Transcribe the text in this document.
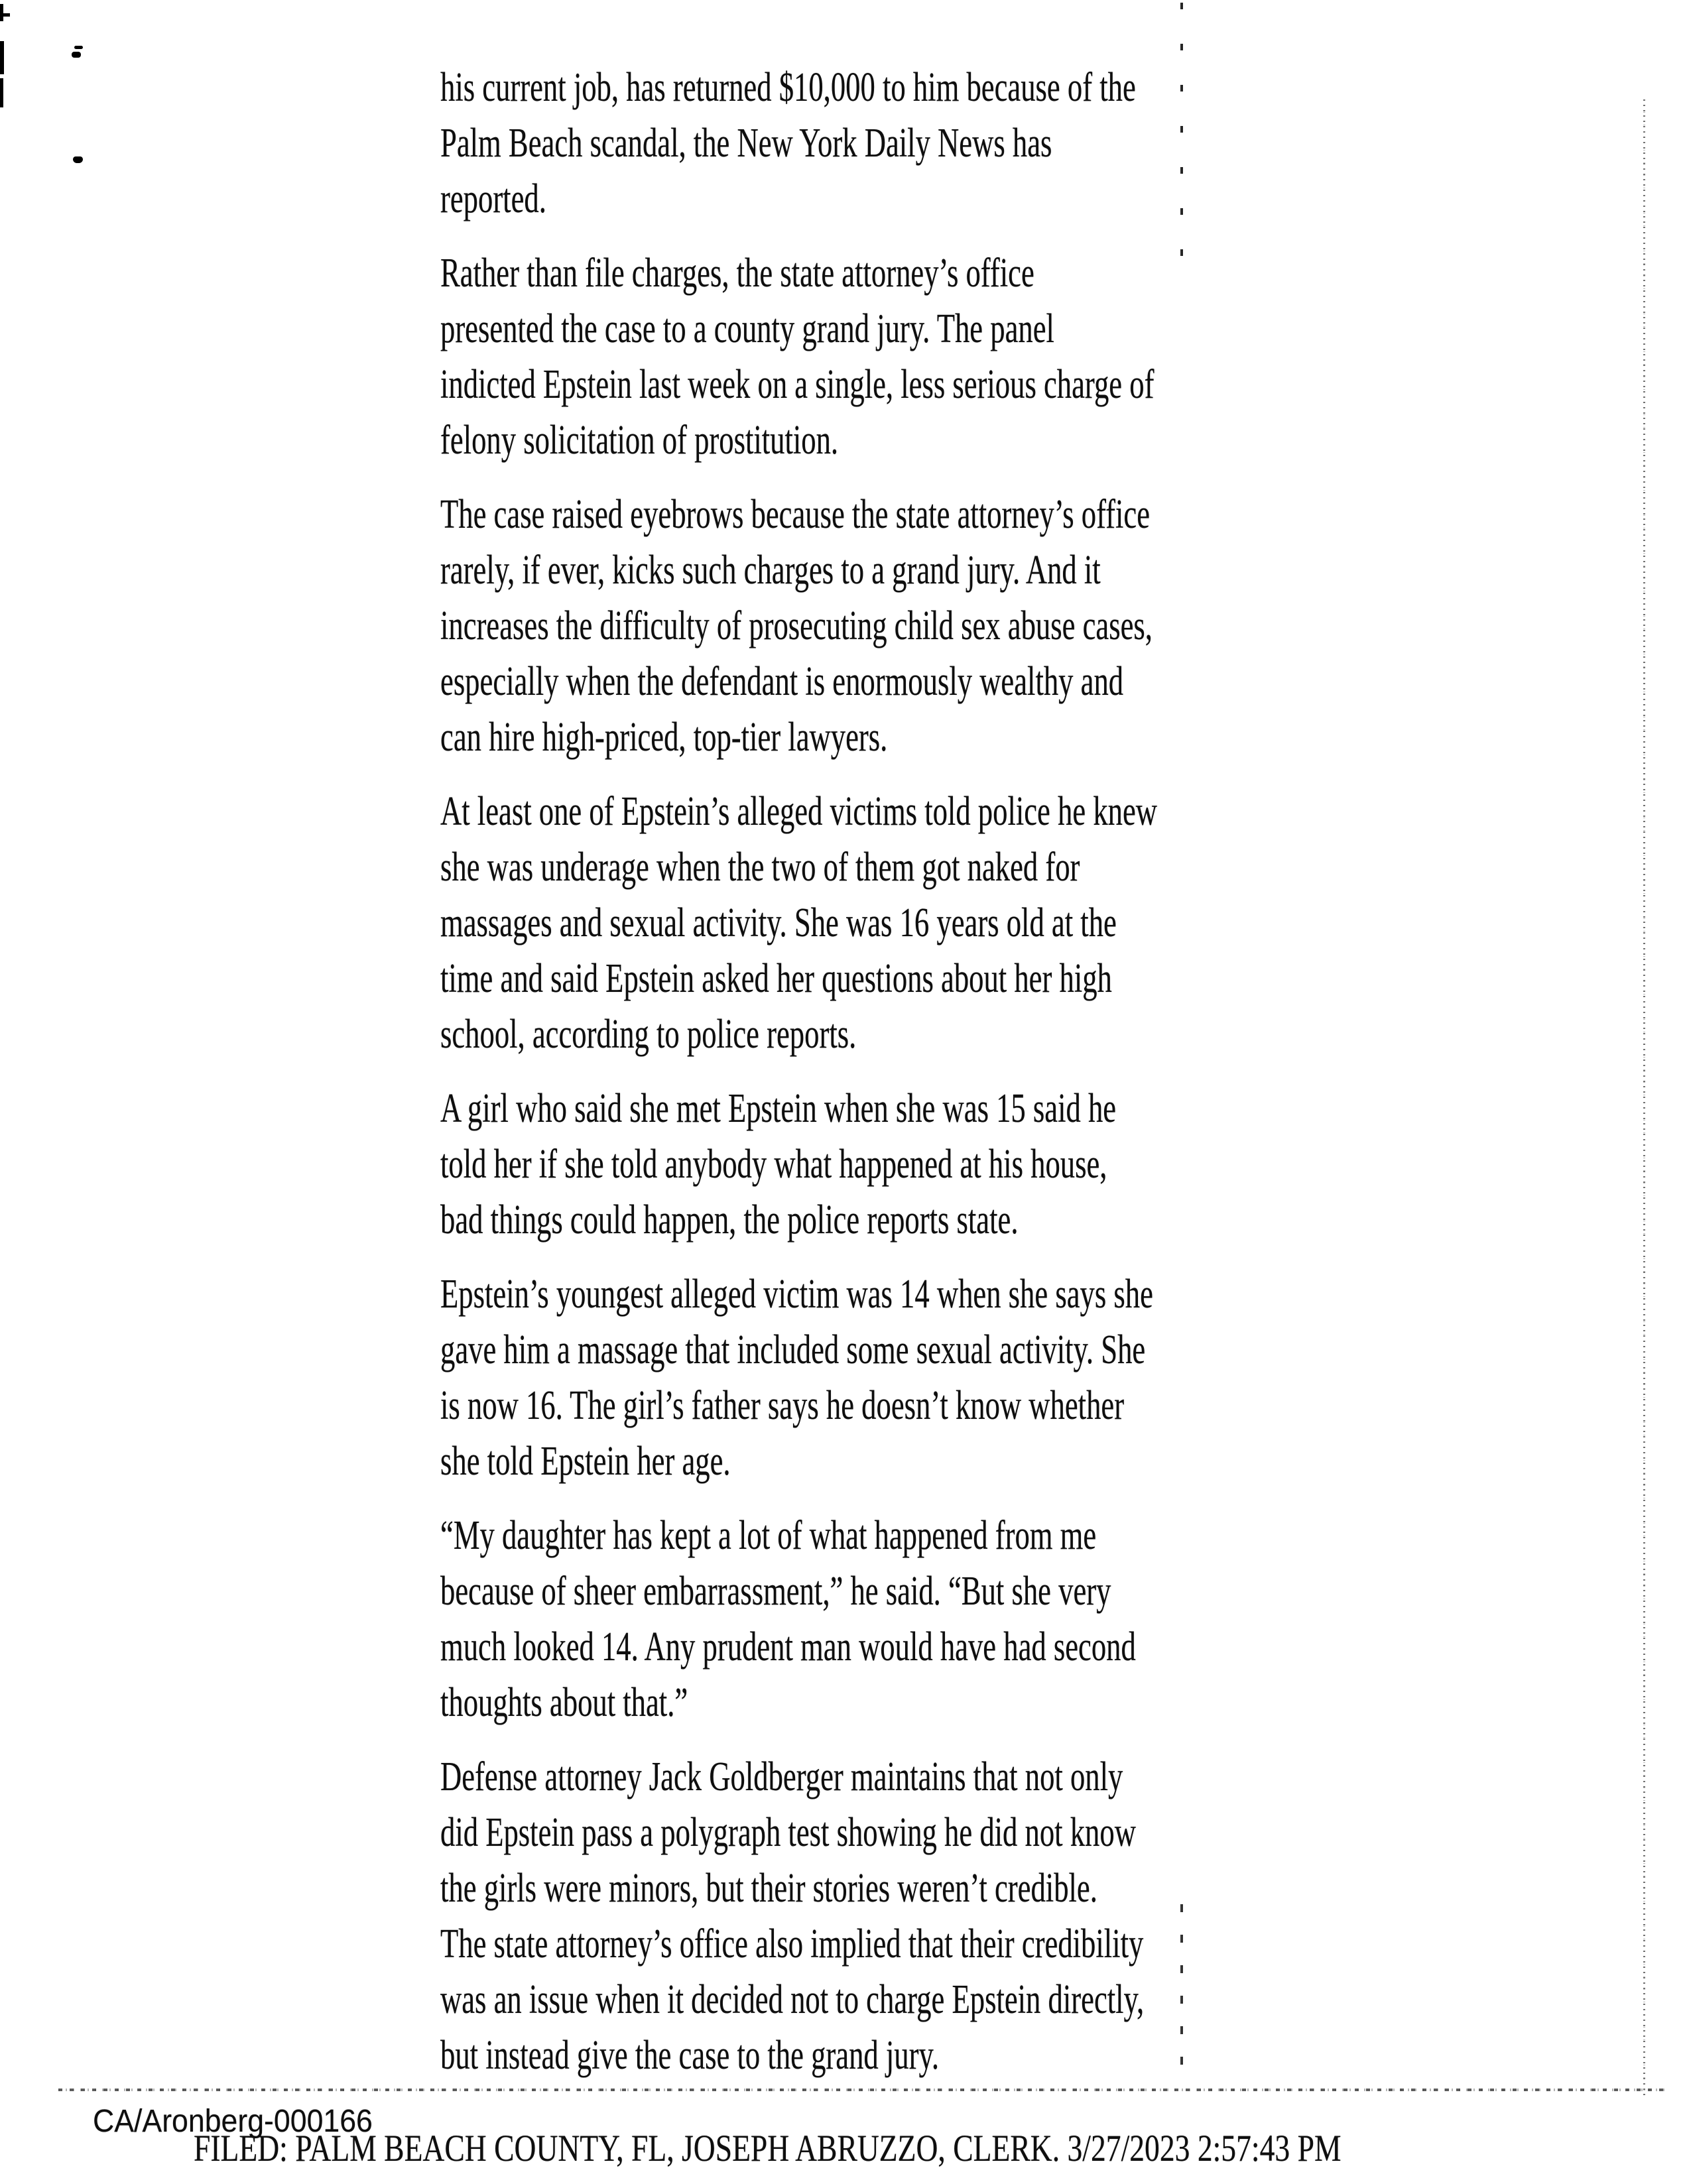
his current job, has returned $10,000 to him because of the
Palm Beach scandal, the New York Daily News has
reported.
Rather than file charges, the state attorney’s office
presented the case to a county grand jury. The panel
indicted Epstein last week on a single, less serious charge of
felony solicitation of prostitution.
The case raised eyebrows because the state attorney’s office
rarely, if ever, kicks such charges to a grand jury. And it
increases the difficulty of prosecuting child sex abuse cases,
especially when the defendant is enormously wealthy and
can hire high-priced, top-tier lawyers.
At least one of Epstein’s alleged victims told police he knew
she was underage when the two of them got naked for
massages and sexual activity. She was 16 years old at the
time and said Epstein asked her questions about her high
school, according to police reports.
A girl who said she met Epstein when she was 15 said he
told her if she told anybody what happened at his house,
bad things could happen, the police reports state.
Epstein’s youngest alleged victim was 14 when she says she
gave him a massage that included some sexual activity. She
is now 16. The girl’s father says he doesn’t know whether
she told Epstein her age.
“My daughter has kept a lot of what happened from me
because of sheer embarrassment,” he said. “But she very
much looked 14. Any prudent man would have had second
thoughts about that.”
Defense attorney Jack Goldberger maintains that not only
did Epstein pass a polygraph test showing he did not know
the girls were minors, but their stories weren’t credible.
The state attorney’s office also implied that their credibility
was an issue when it decided not to charge Epstein directly,
but instead give the case to the grand jury.
CA/Aronberg-000166
FILED: PALM BEACH COUNTY, FL, JOSEPH ABRUZZO, CLERK. 3/27/2023 2:57:43 PM
